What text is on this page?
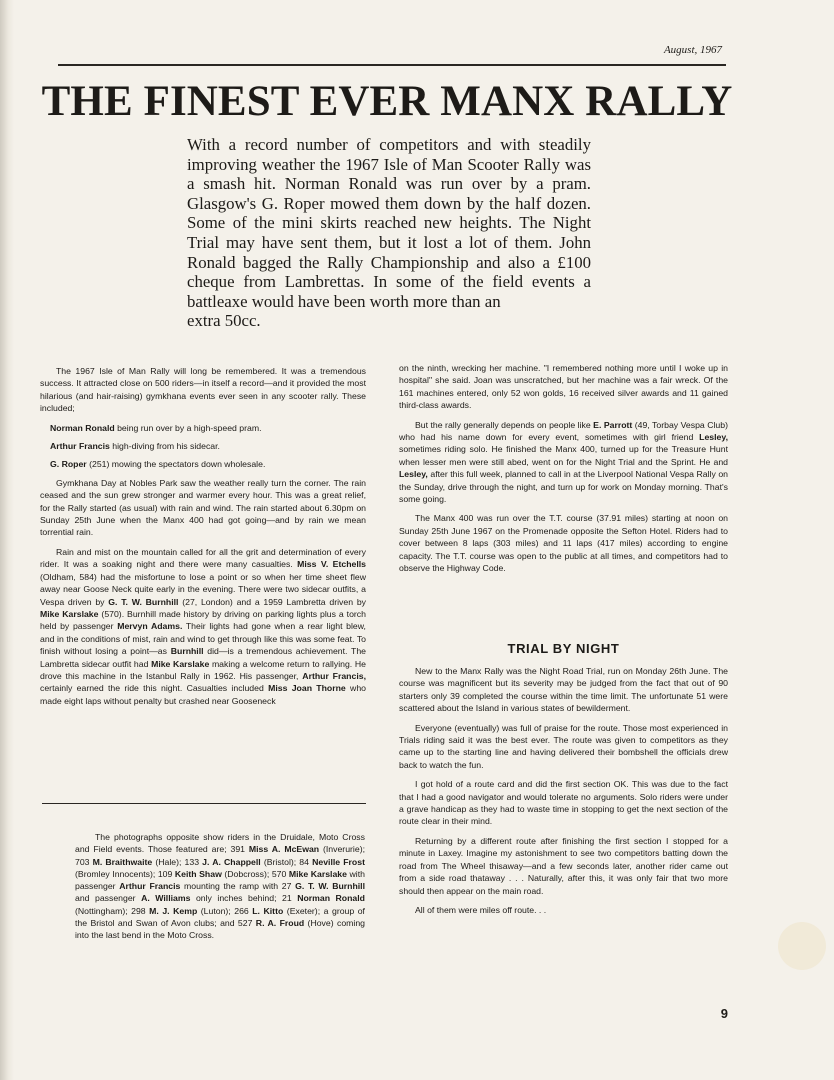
August, 1967
THE FINEST EVER MANX RALLY

With a record number of competitors and with steadily improving weather the 1967 Isle of Man Scooter Rally was a smash hit. Norman Ronald was run over by a pram. Glasgow's G. Roper mowed them down by the half dozen. Some of the mini skirts reached new heights. The Night Trial may have sent them, but it lost a lot of them. John Ronald bagged the Rally Championship and also a £100 cheque from Lambrettas. In some of the field events a battleaxe would have been worth more than an

extra 50cc.

The 1967 Isle of Man Rally will long be remembered. It was a tremendous success. It attracted close on 500 riders—in itself a record—and it provided the most hilarious (and hair-raising) gymkhana events ever seen in any scooter rally. These included;

Norman Ronald being run over by a high-speed pram.

Arthur Francis high-diving from his sidecar.

G. Roper (251) mowing the spectators down wholesale.

Gymkhana Day at Nobles Park saw the weather really turn the corner. The rain ceased and the sun grew stronger and warmer every hour. This was a great relief, for the Rally started (as usual) with rain and wind. The rain started about 6.30pm on Sunday 25th June when the Manx 400 had got going—and by rain we mean torrential rain.

Rain and mist on the mountain called for all the grit and determination of every rider. It was a soaking night and there were many casualties. Miss V. Etchells (Oldham, 584) had the misfortune to lose a point or so when her time sheet flew away near Goose Neck quite early in the evening. There were two sidecar outfits, a Vespa driven by G. T. W. Burnhill (27, London) and a 1959 Lambretta driven by Mike Karslake (570). Burnhill made history by driving on parking lights plus a torch held by passenger Mervyn Adams. Their lights had gone when a rear light blew, and in the conditions of mist, rain and wind to get through like this was some feat. To finish without losing a point—as Burnhill did—is a tremendous achievement. The Lambretta sidecar outfit had Mike Karslake making a welcome return to rallying. He drove this machine in the Istanbul Rally in 1962. His passenger, Arthur Francis, certainly earned the ride this night. Casualties included Miss Joan Thorne who made eight laps without penalty but crashed near Gooseneck

The photographs opposite show riders in the Druidale, Moto Cross and Field events. Those featured are; 391 Miss A. McEwan (Inverurie); 703 M. Braithwaite (Hale); 133 J. A. Chappell (Bristol); 84 Neville Frost (Bromley Innocents); 109 Keith Shaw (Dobcross); 570 Mike Karslake with passenger Arthur Francis mounting the ramp with 27 G. T. W. Burnhill and passenger A. Williams only inches behind; 21 Norman Ronald (Nottingham); 298 M. J. Kemp (Luton); 266 L. Kitto (Exeter); a group of the Bristol and Swan of Avon clubs; and 527 R. A. Froud (Hove) coming into the last bend in the Moto Cross.

on the ninth, wrecking her machine. "I remembered nothing more until I woke up in hospital" she said. Joan was unscratched, but her machine was a fair wreck. Of the 161 machines entered, only 52 won golds, 16 received silver awards and 11 gained third-class awards.

But the rally generally depends on people like E. Parrott (49, Torbay Vespa Club) who had his name down for every event, sometimes with girl friend Lesley, sometimes riding solo. He finished the Manx 400, turned up for the Treasure Hunt when lesser men were still abed, went on for the Night Trial and the Sprint. He and Lesley, after this full week, planned to call in at the Liverpool National Vespa Rally on the Sunday, drive through the night, and turn up for work on Monday morning. That's some going.

The Manx 400 was run over the T.T. course (37.91 miles) starting at noon on Sunday 25th June 1967 on the Promenade opposite the Sefton Hotel. Riders had to cover between 8 laps (303 miles) and 11 laps (417 miles) according to engine capacity. The T.T. course was open to the public at all times, and competitors had to observe the Highway Code.

TRIAL BY NIGHT

New to the Manx Rally was the Night Road Trial, run on Monday 26th June. The course was magnificent but its severity may be judged from the fact that out of 90 starters only 39 completed the course within the time limit. The unfortunate 51 were scattered about the Island in various states of bewilderment.

Everyone (eventually) was full of praise for the route. Those most experienced in Trials riding said it was the best ever. The route was given to competitors as they came up to the starting line and having delivered their bombshell the officials drew back to watch the fun.

I got hold of a route card and did the first section OK. This was due to the fact that I had a good navigator and would tolerate no arguments. Solo riders were under a grave handicap as they had to waste time in stopping to get the next section of the route clear in their mind.

Returning by a different route after finishing the first section I stopped for a minute in Laxey. Imagine my astonishment to see two competitors batting down the road from The Wheel thisaway—and a few seconds later, another rider came out from a side road thataway . . . Naturally, after this, it was only fair that two more should then appear on the main road.

All of them were miles off route. . .

9
